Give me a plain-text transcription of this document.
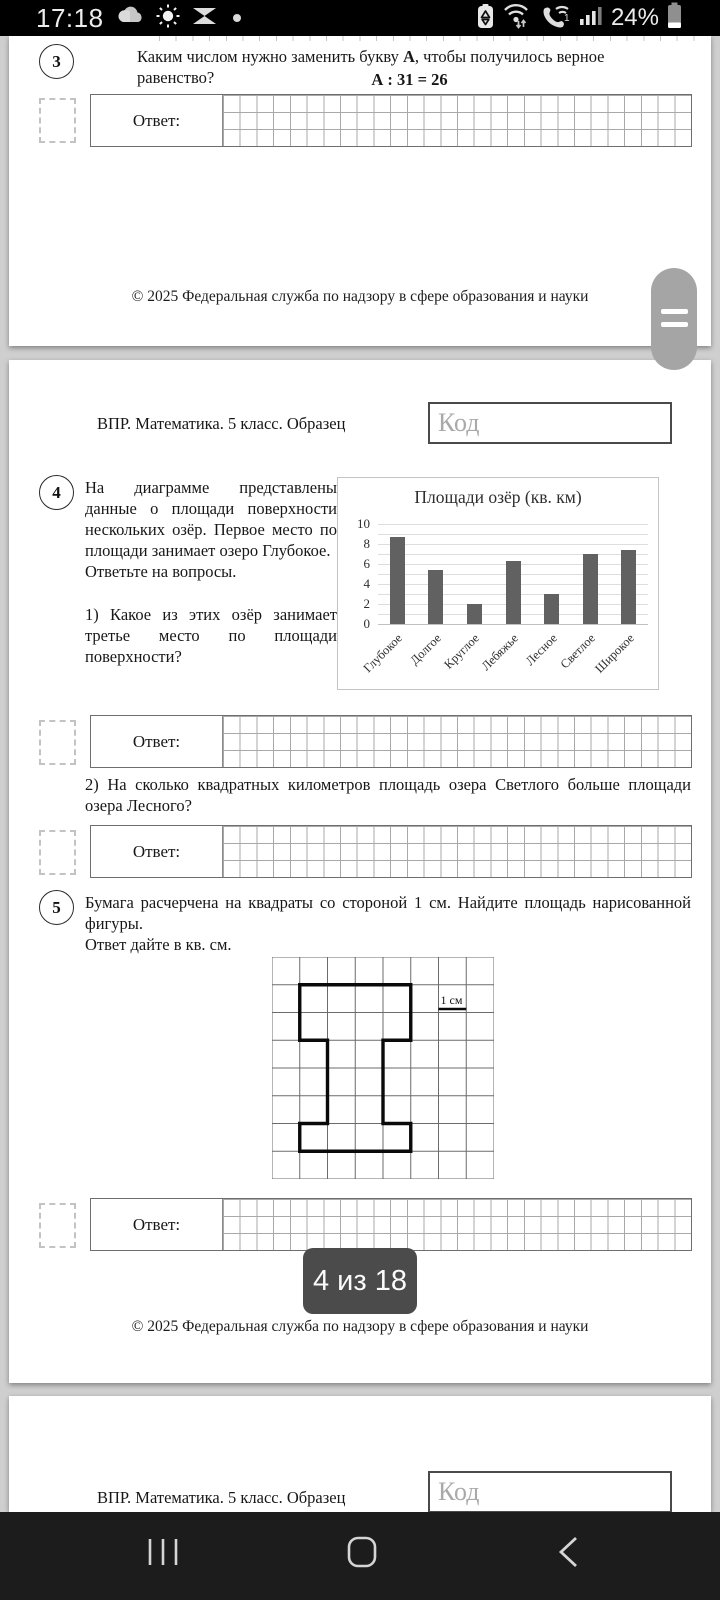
17:18	1 24%
3	Каким числом нужно заменить букву А, чтобы получилось верное равенство?	А : 31 = 26
Ответ:
© 2025 Федеральная служба по надзору в сфере образования и науки
ВПР. Математика. 5 класс. Образец	Код
4 На диаграмме представлены данные о площади поверхности нескольких озёр. Первое место по площади занимает озеро Глубокое.
Ответьте на вопросы.
1) Какое из этих озёр занимает третье место по площади поверхности?
Площади озёр (кв. км)
10
8
6
4
2
0
Глубокое Долгое
Круглое
Лебяжье Лесное
Светлое
Широкое
Ответ:
2) На сколько квадратных километров площадь озера Светлого больше площади озера Лесного?
Ответ:
5 Бумага расчерчена на квадраты со стороной 1 см. Найдите площадь нарисованной фигуры.
Ответ дайте в кв. см.
1 см
Ответ:
© 2025 Федеральная служба по надзору в сфере образования и науки
ВПР. Математика. 5 класс. Образец	Код
4 из 18
